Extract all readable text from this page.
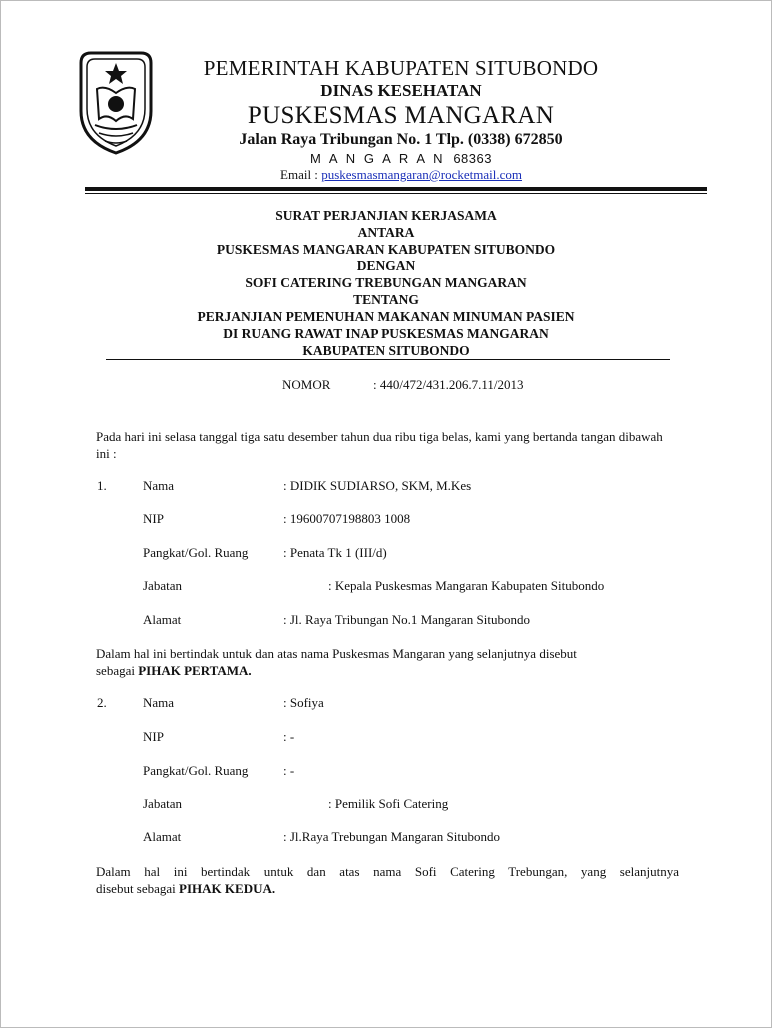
PEMERINTAH KABUPATEN SITUBONDO
DINAS KESEHATAN
PUSKESMAS MANGARAN
Jalan Raya Tribungan No. 1 Tlp. (0338) 672850
M A N G A R A N 68363
Email : puskesmasmangaran@rocketmail.com
SURAT PERJANJIAN KERJASAMA
ANTARA
PUSKESMAS MANGARAN KABUPATEN SITUBONDO
DENGAN
SOFI CATERING TREBUNGAN MANGARAN
TENTANG
PERJANJIAN PEMENUHAN MAKANAN MINUMAN PASIEN
DI RUANG RAWAT INAP PUSKESMAS MANGARAN
KABUPATEN SITUBONDO
NOMOR	: 440/472/431.206.7.11/2013
Pada hari ini selasa tanggal tiga satu desember tahun dua ribu tiga belas, kami yang bertanda tangan dibawah ini :
1.	Nama	: DIDIK SUDIARSO, SKM, M.Kes
NIP	: 19600707198803 1008
Pangkat/Gol. Ruang	: Penata Tk 1 (III/d)
Jabatan	: Kepala Puskesmas Mangaran Kabupaten Situbondo
Alamat	: Jl. Raya Tribungan No.1 Mangaran Situbondo
Dalam hal ini bertindak untuk dan atas nama Puskesmas Mangaran yang selanjutnya disebut
sebagai PIHAK PERTAMA.
2.	Nama	: Sofiya
NIP	: -
Pangkat/Gol. Ruang	: -
Jabatan	: Pemilik Sofi Catering
Alamat	: Jl.Raya Trebungan Mangaran Situbondo
Dalam hal ini bertindak untuk dan atas nama Sofi Catering Trebungan, yang selanjutnya
disebut sebagai PIHAK KEDUA.
